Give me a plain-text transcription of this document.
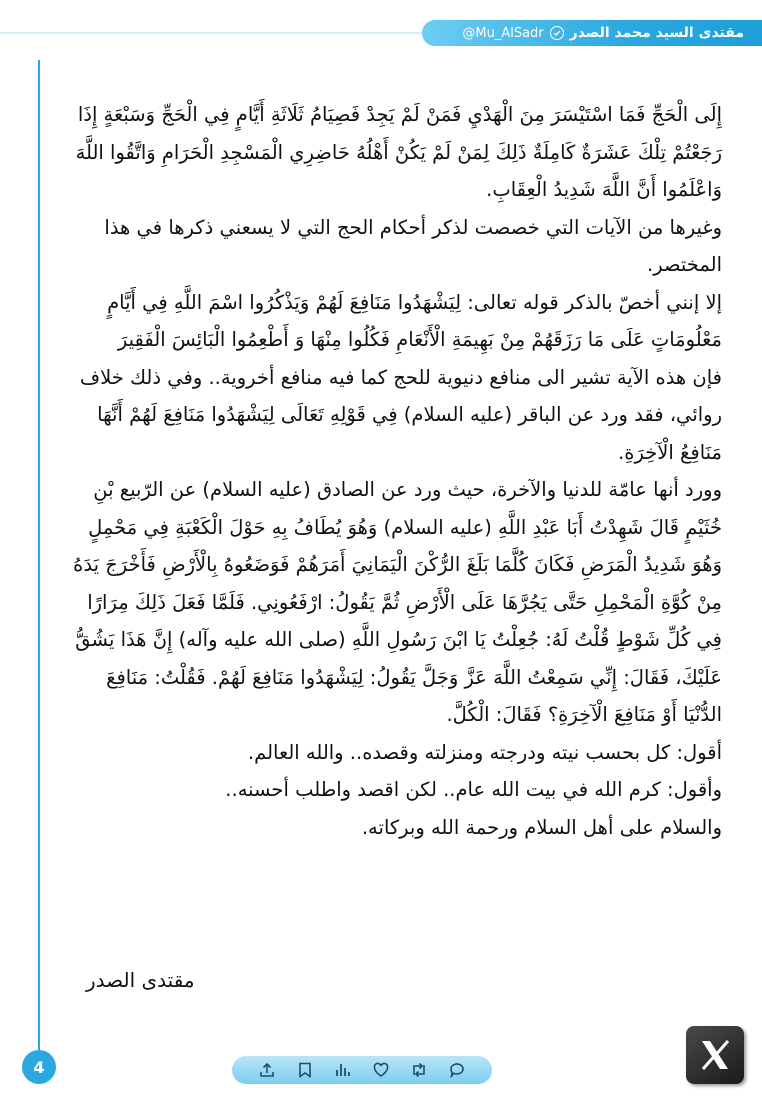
@Mu_AlSadr مقتدى السيد محمد الصدر

إِلَى الْحَجِّ فَمَا اسْتَيْسَرَ مِنَ الْهَدْيِ فَمَنْ لَمْ يَجِدْ فَصِيَامُ ثَلَاثَةِ أَيَّامٍ فِي الْحَجِّ وَسَبْعَةٍ إِذَا رَجَعْتُمْ تِلْكَ عَشَرَةٌ كَامِلَةٌ ذَلِكَ لِمَنْ لَمْ يَكُنْ أَهْلُهُ حَاضِرِي الْمَسْجِدِ الْحَرَامِ وَاتَّقُوا اللَّهَ وَاعْلَمُوا أَنَّ اللَّهَ شَدِيدُ الْعِقَابِ.

وغيرها من الآيات التي خصصت لذكر أحكام الحج التي لا يسعني ذكرها في هذا المختصر.

إلا إنني أخصّ بالذكر قوله تعالى: لِيَشْهَدُوا مَنَافِعَ لَهُمْ وَيَذْكُرُوا اسْمَ اللَّهِ فِي أَيَّامٍ مَعْلُومَاتٍ عَلَى مَا رَزَقَهُمْ مِنْ بَهِيمَةِ الْأَنْعَامِ فَكُلُوا مِنْهَا وَ أَطْعِمُوا الْبَائِسَ الْفَقِيرَ

فإن هذه الآية تشير الى منافع دنيوية للحج كما فيه منافع أخروية.. وفي ذلك خلاف روائي، فقد ورد عن الباقر (عليه السلام) فِي قَوْلِهِ تَعَالَى لِيَشْهَدُوا مَنَافِعَ لَهُمْ أَنَّهَا مَنَافِعُ الْآخِرَةِ.

وورد أنها عامّة للدنيا والآخرة، حيث ورد عن الصادق (عليه السلام) عن الرّبيع بْنِ خُثَيْمٍ قَالَ شَهِدْتُ أَبَا عَبْدِ اللَّهِ (عليه السلام) وَهُوَ يُطَافُ بِهِ حَوْلَ الْكَعْبَةِ فِي مَحْمِلٍ وَهُوَ شَدِيدُ الْمَرَضِ فَكَانَ كُلَّمَا بَلَغَ الرُّكْنَ الْيَمَانِيَ أَمَرَهُمْ فَوَضَعُوهُ بِالْأَرْضِ فَأَخْرَجَ يَدَهُ مِنْ كُوَّةِ الْمَحْمِلِ حَتَّى يَجُرَّهَا عَلَى الْأَرْضِ ثُمَّ يَقُولُ: ارْفَعُونِي. فَلَمَّا فَعَلَ ذَلِكَ مِرَارًا فِي كُلِّ شَوْطٍ قُلْتُ لَهُ: جُعِلْتُ يَا ابْنَ رَسُولِ اللَّهِ (صلى الله عليه وآله) إِنَّ هَذَا يَشُقُّ عَلَيْكَ، فَقَالَ: إِنِّي سَمِعْتُ اللَّهَ عَزَّ وَجَلَّ يَقُولُ: لِيَشْهَدُوا مَنَافِعَ لَهُمْ. فَقُلْتُ: مَنَافِعَ الدُّنْيَا أَوْ مَنَافِعَ الْآخِرَةِ؟ فَقَالَ: الْكُلَّ.

أقول: كل بحسب نيته ودرجته ومنزلته وقصده.. والله العالم.

وأقول: كرم الله في بيت الله عام.. لكن اقصد واطلب أحسنه..

والسلام على أهل السلام ورحمة الله وبركاته.

مقتدى الصدر
4
